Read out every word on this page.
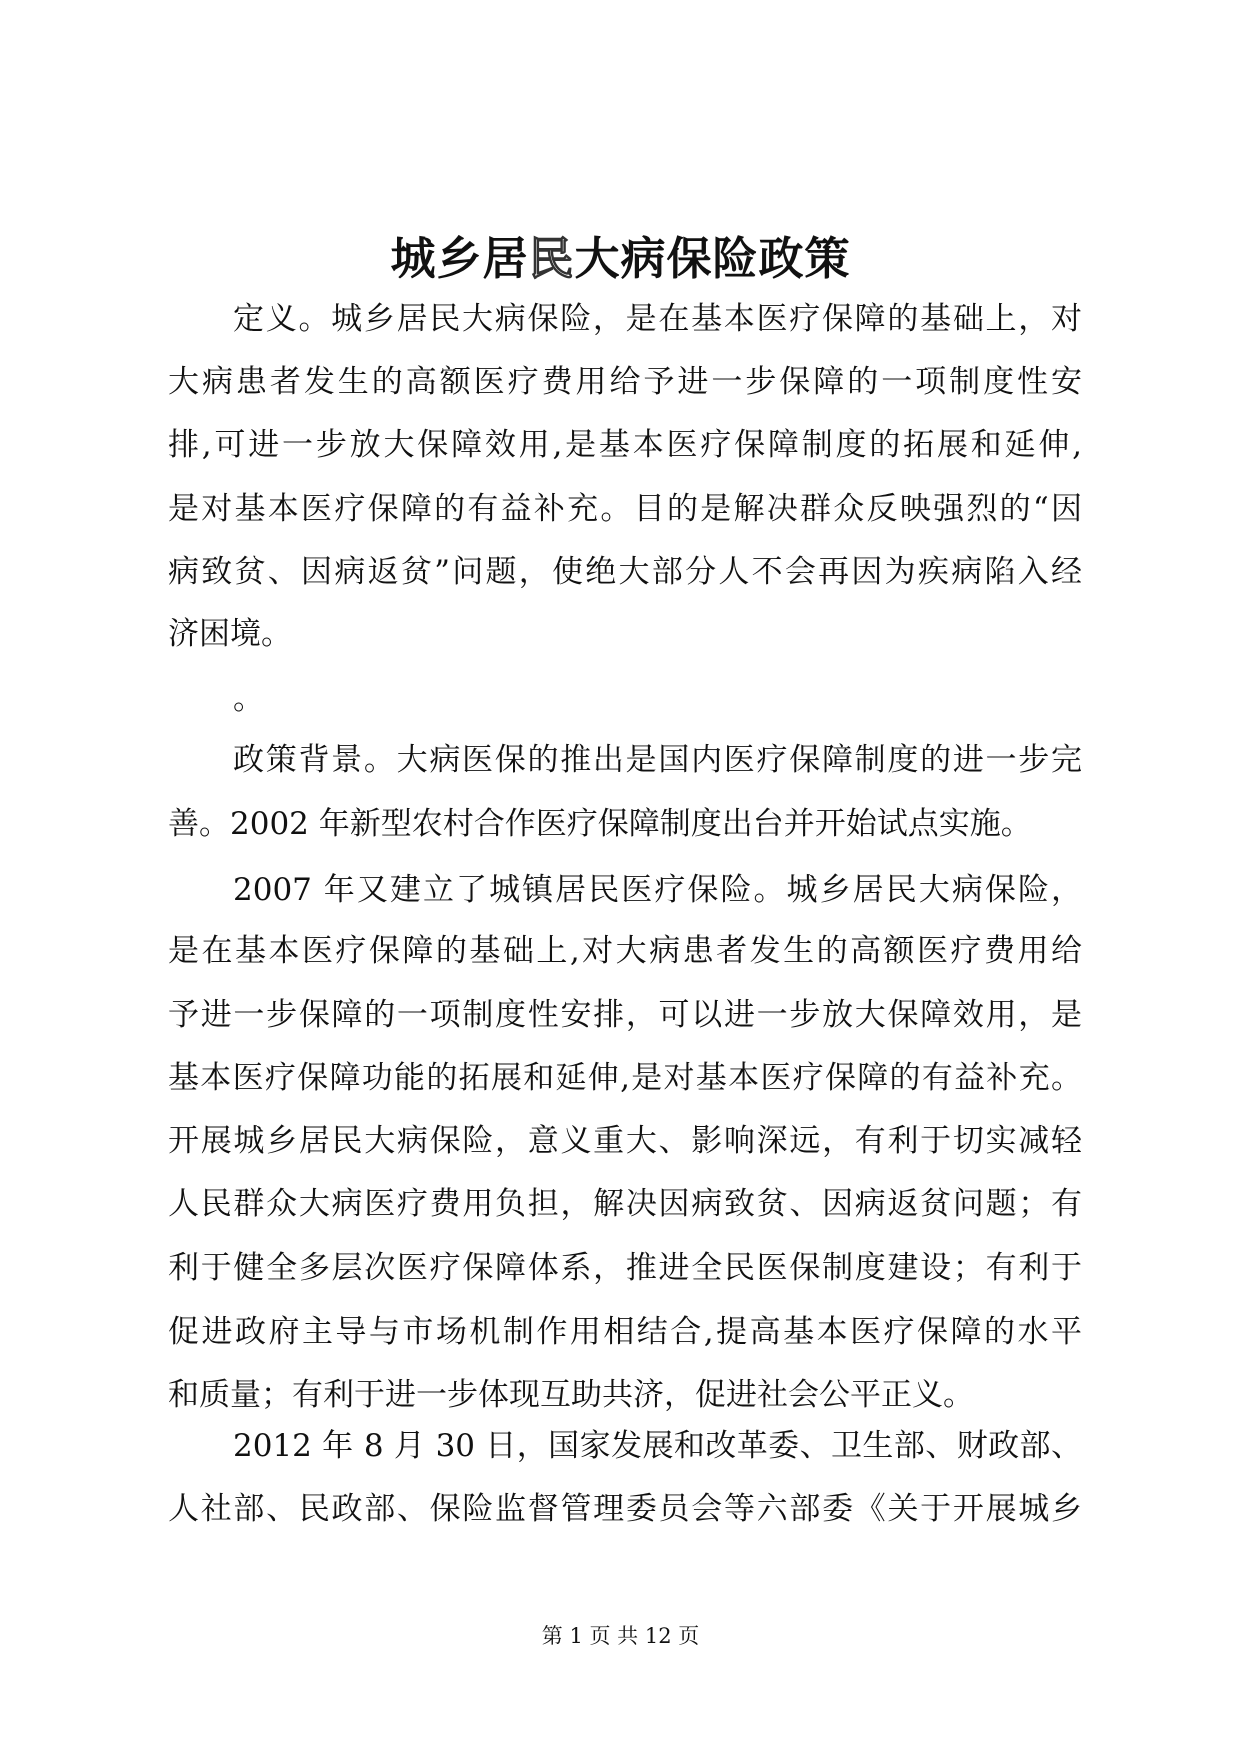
城乡居民大病保险政策
定义。城乡居民大病保险，是在基本医疗保障的基础上，对
大病患者发生的高额医疗费用给予进一步保障的一项制度性安
排,可进一步放大保障效用,是基本医疗保障制度的拓展和延伸,
是对基本医疗保障的有益补充。目的是解决群众反映强烈的“因
病致贫、因病返贫”问题，使绝大部分人不会再因为疾病陷入经
济困境。
。
政策背景。大病医保的推出是国内医疗保障制度的进一步完
善。2002 年新型农村合作医疗保障制度出台并开始试点实施。
2007 年又建立了城镇居民医疗保险。城乡居民大病保险，
是在基本医疗保障的基础上,对大病患者发生的高额医疗费用给
予进一步保障的一项制度性安排，可以进一步放大保障效用，是
基本医疗保障功能的拓展和延伸,是对基本医疗保障的有益补充。
开展城乡居民大病保险，意义重大、影响深远，有利于切实减轻
人民群众大病医疗费用负担，解决因病致贫、因病返贫问题；有
利于健全多层次医疗保障体系，推进全民医保制度建设；有利于
促进政府主导与市场机制作用相结合,提高基本医疗保障的水平
和质量；有利于进一步体现互助共济，促进社会公平正义。
2012 年 8 月 30 日，国家发展和改革委、卫生部、财政部、
人社部、民政部、保险监督管理委员会等六部委《关于开展城乡
第 1 页 共 12 页
